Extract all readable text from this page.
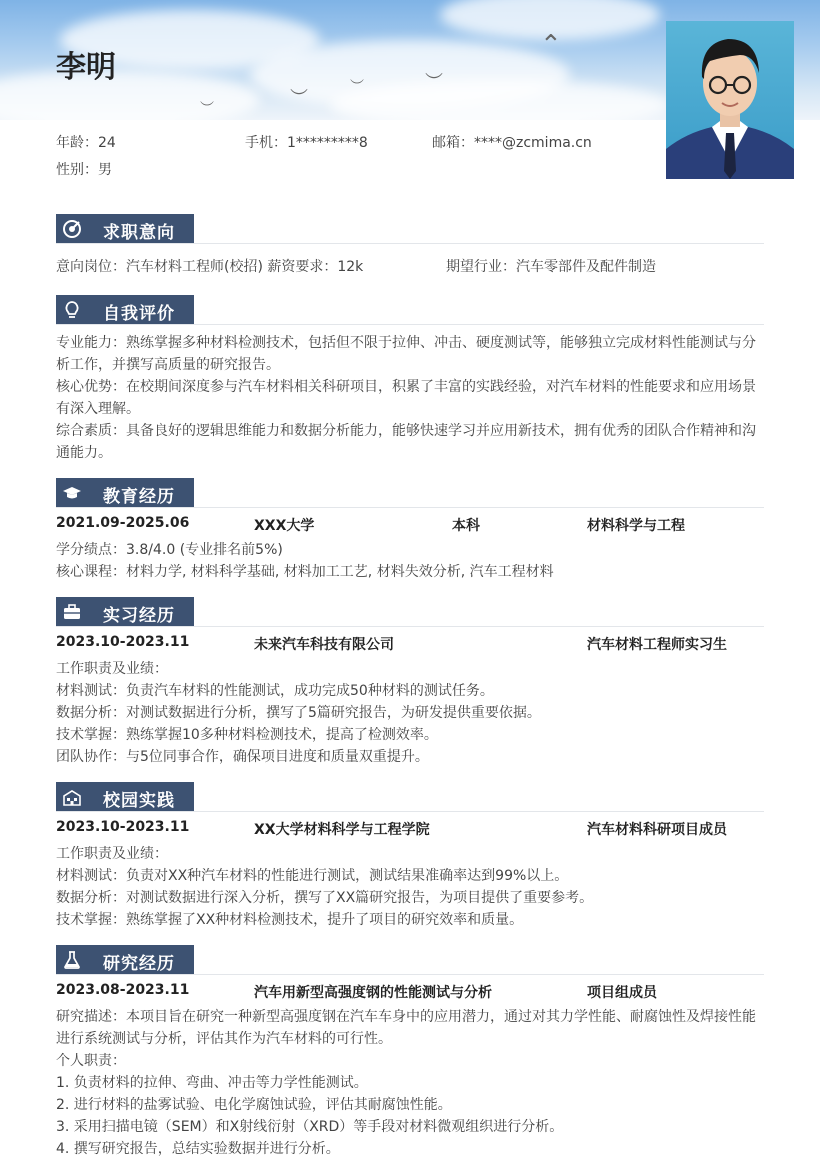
⌃
︶
︶
︶
︶
李明
年龄：24	手机：1*********8	邮箱：****@zcmima.cn
性别：男
求职意向
意向岗位：汽车材料工程师(校招) 薪资要求：12k	期望行业：汽车零部件及配件制造
自我评价
专业能力：熟练掌握多种材料检测技术，包括但不限于拉伸、冲击、硬度测试等，能够独立完成材料性能测试与分析工作，并撰写高质量的研究报告。
核心优势：在校期间深度参与汽车材料相关科研项目，积累了丰富的实践经验，对汽车材料的性能要求和应用场景有深入理解。
综合素质：具备良好的逻辑思维能力和数据分析能力，能够快速学习并应用新技术，拥有优秀的团队合作精神和沟通能力。
教育经历
2021.09-2025.06	XXX大学	本科	材料科学与工程
学分绩点：3.8/4.0 (专业排名前5%)
核心课程：材料力学, 材料科学基础, 材料加工工艺, 材料失效分析, 汽车工程材料
实习经历
2023.10-2023.11	未来汽车科技有限公司	汽车材料工程师实习生
工作职责及业绩：
材料测试：负责汽车材料的性能测试，成功完成50种材料的测试任务。
数据分析：对测试数据进行分析，撰写了5篇研究报告，为研发提供重要依据。
技术掌握：熟练掌握10多种材料检测技术，提高了检测效率。
团队协作：与5位同事合作，确保项目进度和质量双重提升。
校园实践
2023.10-2023.11	XX大学材料科学与工程学院	汽车材料科研项目成员
工作职责及业绩：
材料测试：负责对XX种汽车材料的性能进行测试，测试结果准确率达到99%以上。
数据分析：对测试数据进行深入分析，撰写了XX篇研究报告，为项目提供了重要参考。
技术掌握：熟练掌握了XX种材料检测技术，提升了项目的研究效率和质量。
研究经历
2023.08-2023.11	汽车用新型高强度钢的性能测试与分析	项目组成员
研究描述：本项目旨在研究一种新型高强度钢在汽车车身中的应用潜力，通过对其力学性能、耐腐蚀性及焊接性能进行系统测试与分析，评估其作为汽车材料的可行性。
个人职责：
1. 负责材料的拉伸、弯曲、冲击等力学性能测试。
2. 进行材料的盐雾试验、电化学腐蚀试验，评估其耐腐蚀性能。
3. 采用扫描电镜（SEM）和X射线衍射（XRD）等手段对材料微观组织进行分析。
4. 撰写研究报告，总结实验数据并进行分析。
